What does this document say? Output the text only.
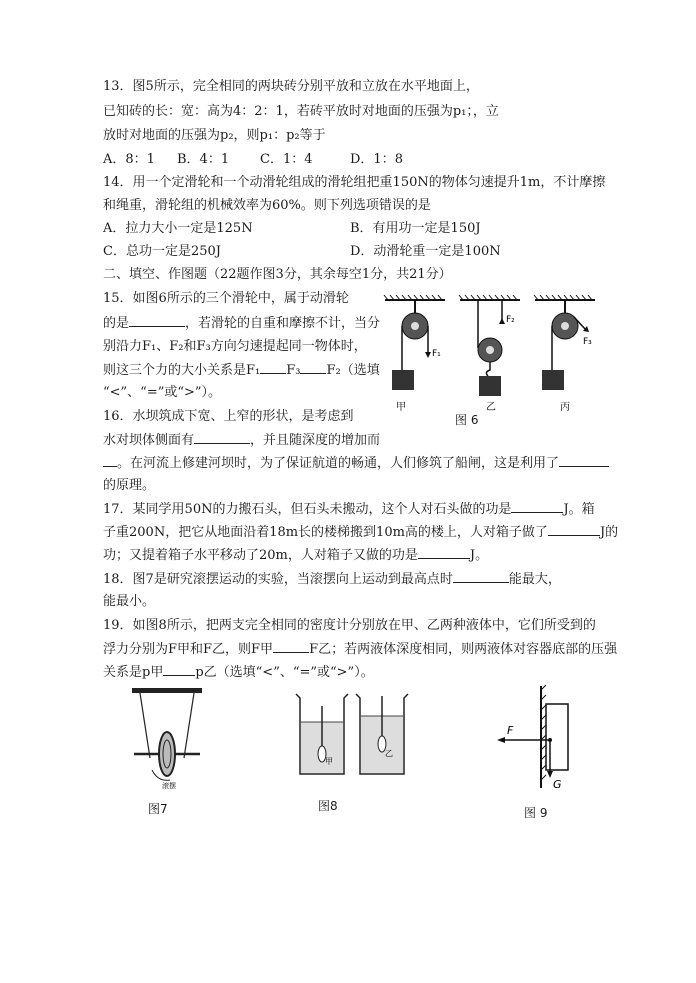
13．图5所示，完全相同的两块砖分别平放和立放在水平地面上，
已知砖的长：宽：高为4：2：1，若砖平放时对地面的压强为p₁；，立
放时对地面的压强为p₂，则p₁：p₂等于
A．8：1 B．4：1 C．1：4	D．1：8
14．用一个定滑轮和一个动滑轮组成的滑轮组把重150N的物体匀速提升1m，不计摩擦
和绳重，滑轮组的机械效率为60%。则下列选项错误的是
A．拉力大小一定是125N	B．有用功一定是150J
C．总功一定是250J	D．动滑轮重一定是100N
二、填空、作图题（22题作图3分，其余每空1分，共21分）
15．如图6所示的三个滑轮中，属于动滑轮
的是	，若滑轮的自重和摩擦不计，当分
别沿力F₁、F₂和F₃方向匀速提起同一物体时，
则这三个力的大小关系是F₁ F₃ F₂（选填
“<”、“=”或“>”）。
16．水坝筑成下宽、上窄的形状，是考虑到
水对坝体侧面有	，并且随深度的增加而
。在河流上修建河坝时，为了保证航道的畅通，人们修筑了船闸，这是利用了
的原理。
17．某同学用50N的力搬石头，但石头未搬动，这个人对石头做的功是	J。箱
子重200N，把它从地面沿着18m长的楼梯搬到10m高的楼上，人对箱子做了	J的
功；又提着箱子水平移动了20m，人对箱子又做的功是	J。
18．图7是研究滚摆运动的实验，当滚摆向上运动到最高点时	能最大，
能最小。
19．如图8所示，把两支完全相同的密度计分别放在甲、乙两种液体中，它们所受到的
浮力分别为F甲和F乙，则F甲	F乙；若两液体深度相同，则两液体对容器底部的压强
关系是p甲 p乙（选填“<”、“=”或“>”）。
F₁
甲
F₂
乙
F₃
丙
图 6
滚摆
图7
甲
乙
图8
F
G
图 9
